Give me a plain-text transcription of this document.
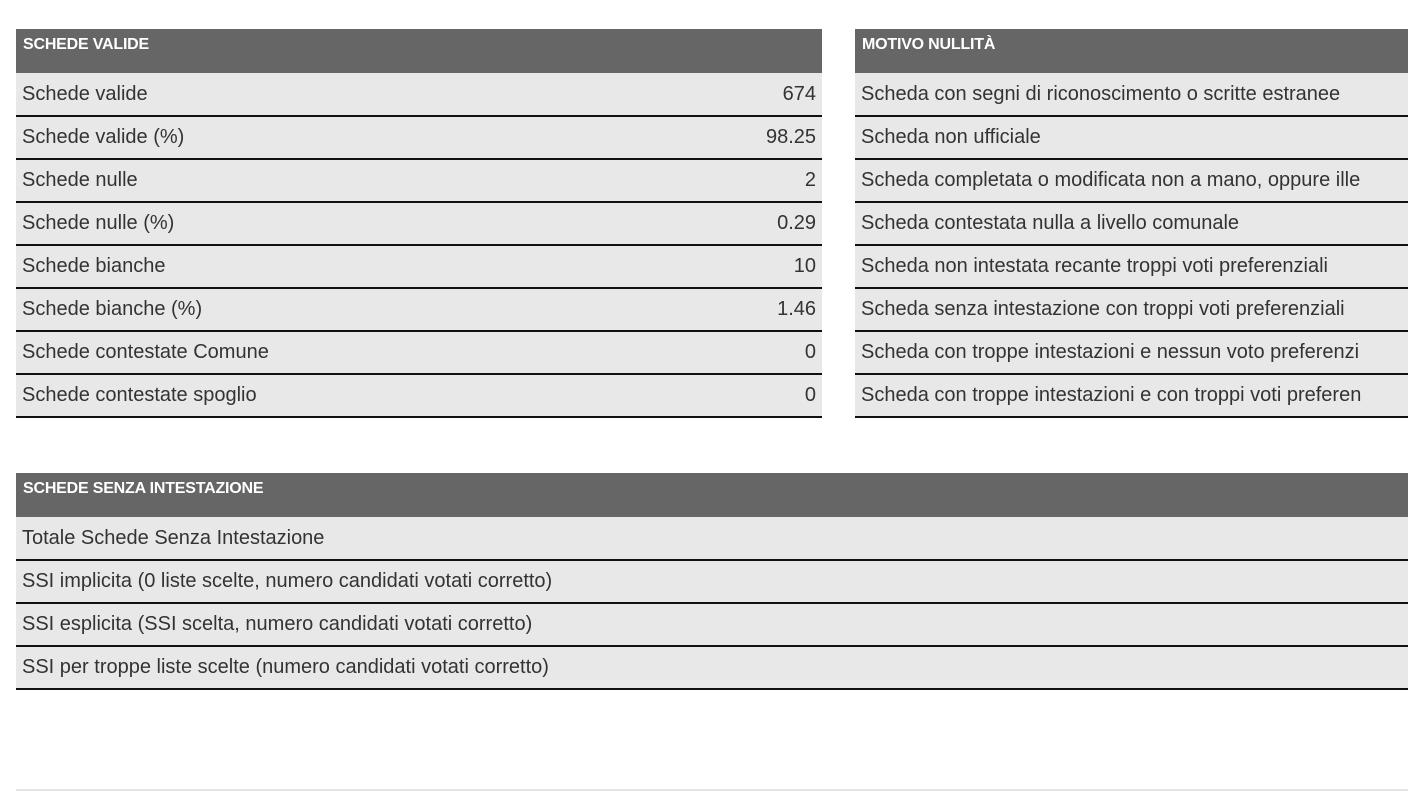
SCHEDE VALIDE	
Schede valide	674
Schede valide (%)	98.25
Schede nulle	2
Schede nulle (%)	0.29
Schede bianche	10
Schede bianche (%)	1.46
Schede contestate Comune	0
Schede contestate spoglio	0
MOTIVO NULLITÀ
Scheda con segni di riconoscimento o scritte estranee
Scheda non ufficiale
Scheda completata o modificata non a mano, oppure ille
Scheda contestata nulla a livello comunale
Scheda non intestata recante troppi voti preferenziali
Scheda senza intestazione con troppi voti preferenziali
Scheda con troppe intestazioni e nessun voto preferenzi
Scheda con troppe intestazioni e con troppi voti preferen
SCHEDE SENZA INTESTAZIONE
Totale Schede Senza Intestazione
SSI implicita (0 liste scelte, numero candidati votati corretto)
SSI esplicita (SSI scelta, numero candidati votati corretto)
SSI per troppe liste scelte (numero candidati votati corretto)
